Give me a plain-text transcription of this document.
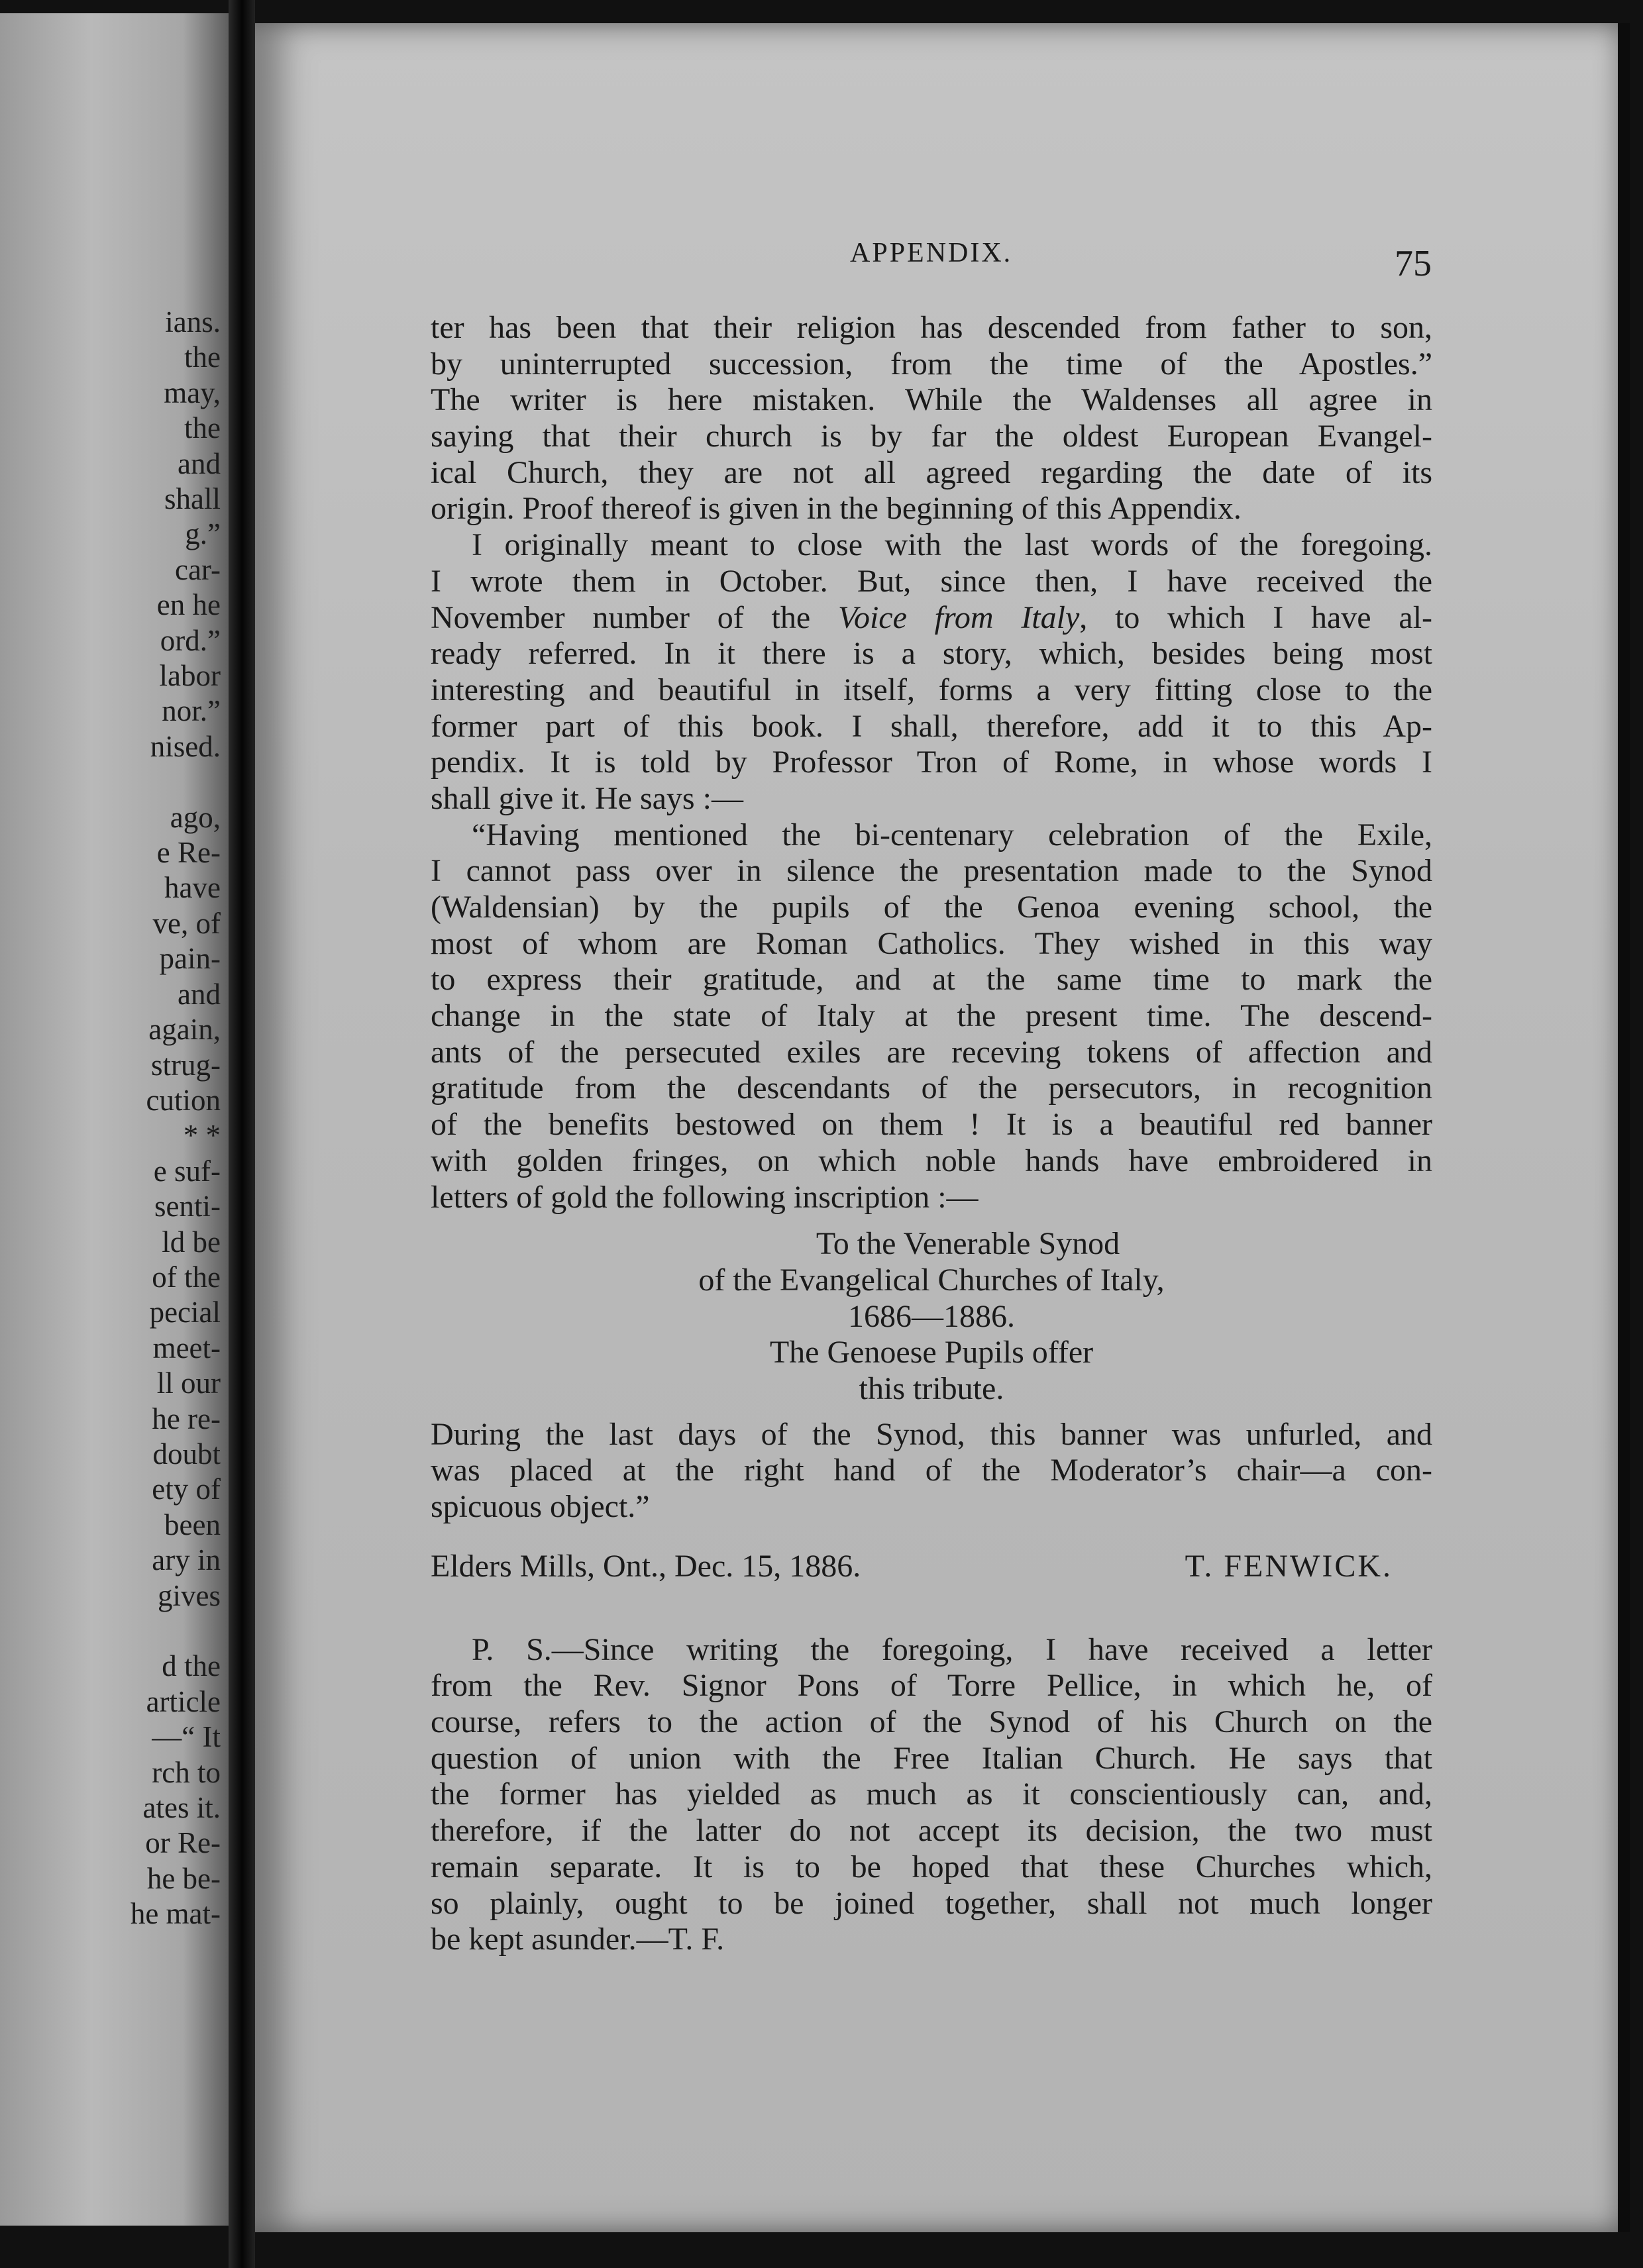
ians.
the
may,
the
and
shall
g.”
car-
en he
ord.”
labor
nor.”
nised.
ago,
e Re-
have
ve, of
pain-
and
again,
strug-
cution
* *
e suf-
senti-
ld be
of the
pecial
meet-
ll our
he re-
doubt
ety of
been
ary in
gives
d the
article
—“ It
rch to
ates it.
or Re-
he be-
he mat-
APPENDIX.	75
ter has been that their religion has descended from father to son,
by uninterrupted succession, from the time of the Apostles.”
The writer is here mistaken. While the Waldenses all agree in
saying that their church is by far the oldest European Evangel-
ical Church, they are not all agreed regarding the date of its
origin. Proof thereof is given in the beginning of this Appendix.
I originally meant to close with the last words of the foregoing.
I wrote them in October. But, since then, I have received the
November number of the Voice from Italy, to which I have al-
ready referred. In it there is a story, which, besides being most
interesting and beautiful in itself, forms a very fitting close to the
former part of this book. I shall, therefore, add it to this Ap-
pendix. It is told by Professor Tron of Rome, in whose words I
shall give it. He says :—
“Having mentioned the bi-centenary celebration of the Exile,
I cannot pass over in silence the presentation made to the Synod
(Waldensian) by the pupils of the Genoa evening school, the
most of whom are Roman Catholics. They wished in this way
to express their gratitude, and at the same time to mark the
change in the state of Italy at the present time. The descend-
ants of the persecuted exiles are receving tokens of affection and
gratitude from the descendants of the persecutors, in recognition
of the benefits bestowed on them ! It is a beautiful red banner
with golden fringes, on which noble hands have embroidered in
letters of gold the following inscription :—
To the Venerable Synod
of the Evangelical Churches of Italy,
1686—1886.
The Genoese Pupils offer
this tribute.
During the last days of the Synod, this banner was unfurled, and
was placed at the right hand of the Moderator’s chair—a con-
spicuous object.”
Elders Mills, Ont., Dec. 15, 1886.	T. FENWICK.
P. S.—Since writing the foregoing, I have received a letter
from the Rev. Signor Pons of Torre Pellice, in which he, of
course, refers to the action of the Synod of his Church on the
question of union with the Free Italian Church. He says that
the former has yielded as much as it conscientiously can, and,
therefore, if the latter do not accept its decision, the two must
remain separate. It is to be hoped that these Churches which,
so plainly, ought to be joined together, shall not much longer
be kept asunder.—T. F.
